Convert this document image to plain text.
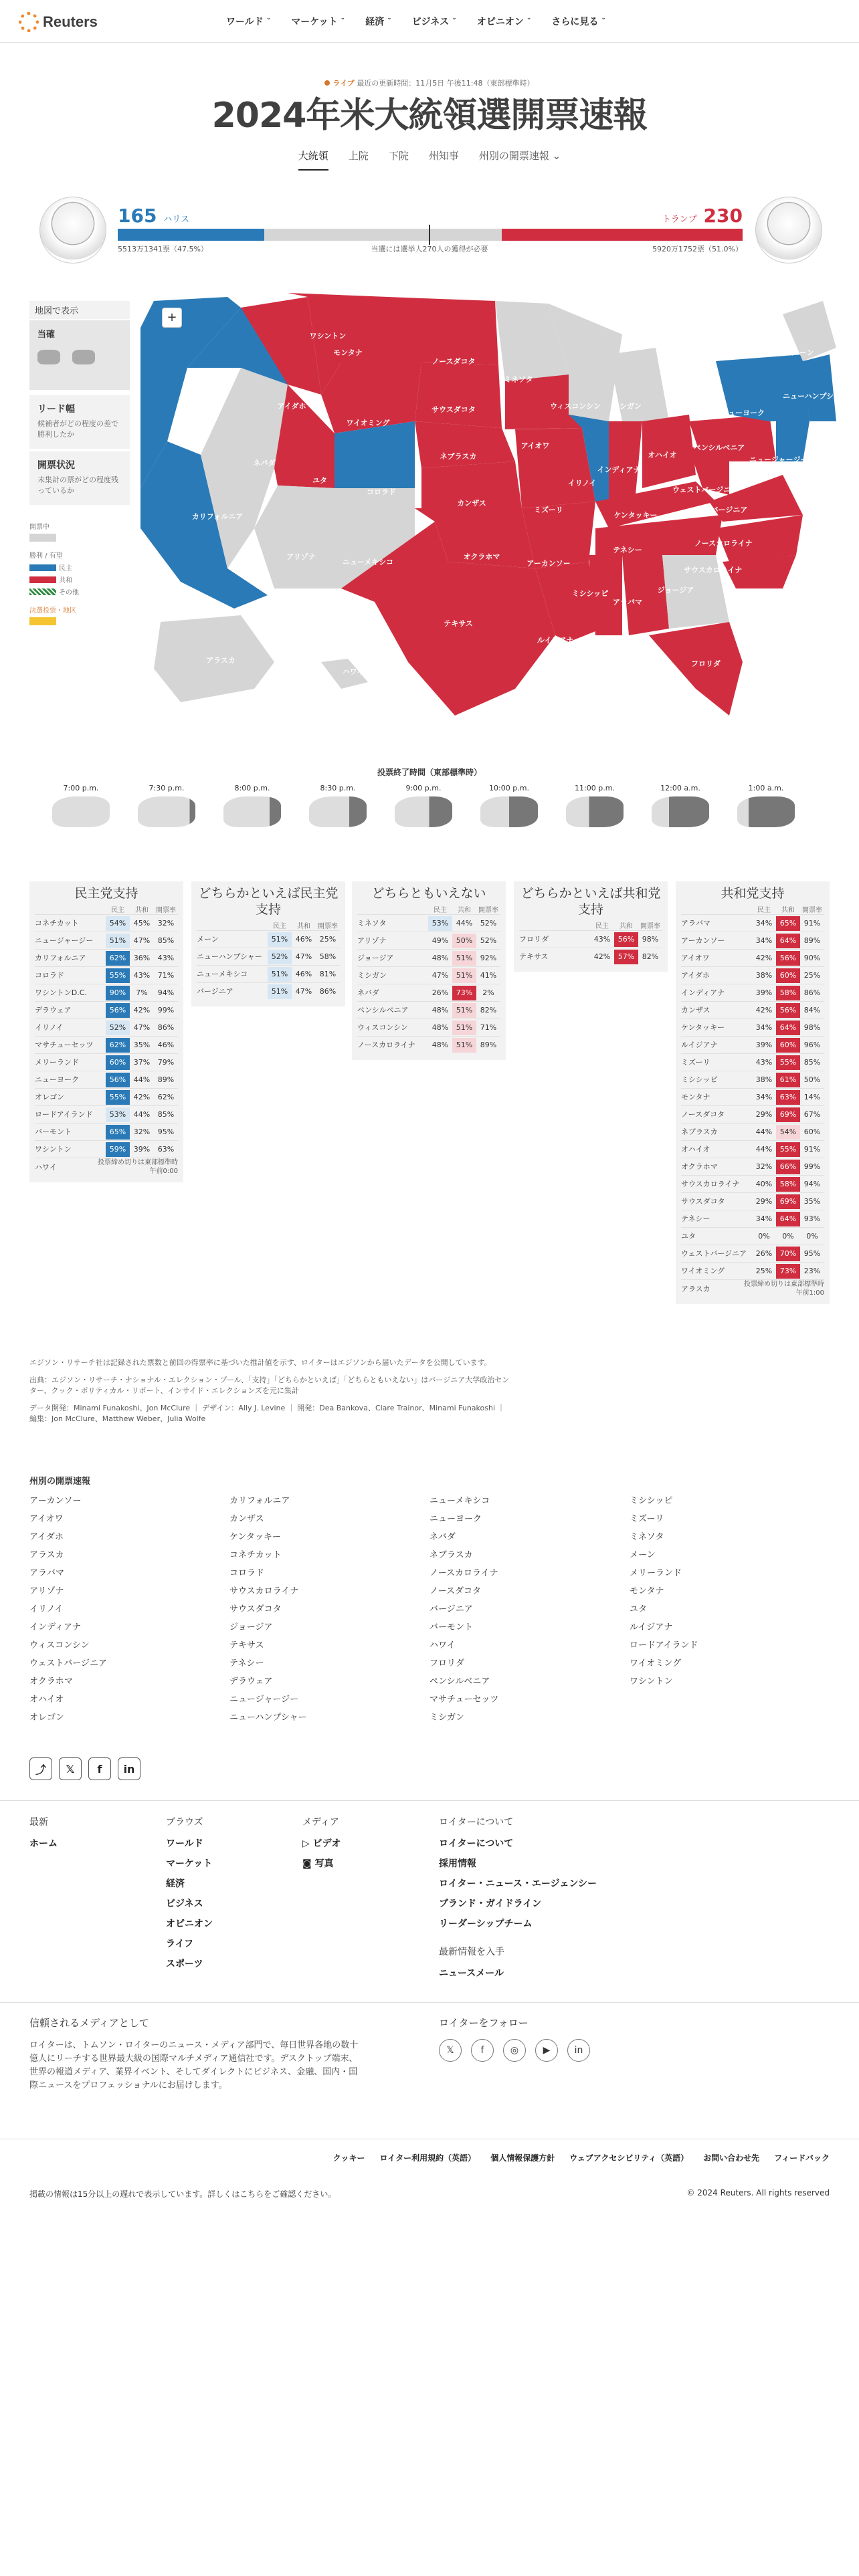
Reuters	ワールド ⌄ マーケット ⌄ 経済 ⌄ ビジネス ⌄ オピニオン ⌄ さらに見る ⌄
ライブ 最近の更新時間：11月5日 午後11:48（東部標準時）
2024年米大統領選開票速報
大統領 上院 下院 州知事 州別の開票速報 ⌄
165 ハリス	トランプ 230
5513万1341票（47.5%）	当選には選挙人270人の獲得が必要	5920万1752票（51.0%）
地図で表示
当確
リード幅
候補者がどの程度の差で勝利したか
開票状況
未集計の票がどの程度残っているか
開票中
勝利 / 有望
民主
共和
その他
決選投票・地区
+
ワシントン
オレゴン
カリフォルニア
ネバダ
アイダホ
モンタナ
ワイオミング
ユタ
コロラド
アリゾナ
ニューメキシコ
ノースダコタ
サウスダコタ
ネブラスカ
カンザス
オクラホマ
テキサス
ミネソタ
アイオワ
ミズーリ
アーカンソー
ルイジアナ
ウィスコンシン
イリノイ
ミシシッピ
ミシガン
インディアナ
ケンタッキー
テネシー
アラバマ
オハイオ
ジョージア
フロリダ
ウェストバージニア
バージニア
ノースカロライナ
サウスカロライナ
ペンシルベニア
ニューヨーク
メーン
ニューハンプシャー
ニュージャージー
アラスカ
ハワイ
投票終了時間（東部標準時）
7:00 p.m.	7:30 p.m.	8:00 p.m.	8:30 p.m.	9:00 p.m.	10:00 p.m.	11:00 p.m.	12:00 a.m.	1:00 a.m.
民主党支持
民主	共和	開票率
コネチカット	54%	45%	32%
ニュージャージー	51%	47%	85%
カリフォルニア	62%	36%	43%
コロラド	55%	43%	71%
ワシントンD.C.	90%	7%	94%
デラウェア	56%	42%	99%
イリノイ	52%	47%	86%
マサチューセッツ	62%	35%	46%
メリーランド	60%	37%	79%
ニューヨーク	56%	44%	89%
オレゴン	55%	42%	62%
ロードアイランド	53%	44%	85%
バーモント	65%	32%	95%
ワシントン	59%	39%	63%
ハワイ	投票締め切りは東部標準時午前0:00
どちらかといえば民主党支持
民主	共和	開票率
メーン	51%	46%	25%
ニューハンプシャー	52%	47%	58%
ニューメキシコ	51%	46%	81%
バージニア	51%	47%	86%
どちらともいえない
民主	共和	開票率
ミネソタ	53%	44%	52%
アリゾナ	49%	50%	52%
ジョージア	48%	51%	92%
ミシガン	47%	51%	41%
ネバダ	26%	73%	2%
ペンシルベニア	48%	51%	82%
ウィスコンシン	48%	51%	71%
ノースカロライナ	48%	51%	89%
どちらかといえば共和党支持
民主	共和	開票率
フロリダ	43%	56%	98%
テキサス	42%	57%	82%
共和党支持
民主	共和	開票率
アラバマ	34%	65%	91%
アーカンソー	34%	64%	89%
アイオワ	42%	56%	90%
アイダホ	38%	60%	25%
インディアナ	39%	58%	86%
カンザス	42%	56%	84%
ケンタッキー	34%	64%	98%
ルイジアナ	39%	60%	96%
ミズーリ	43%	55%	85%
ミシシッピ	38%	61%	50%
モンタナ	34%	63%	14%
ノースダコタ	29%	69%	67%
ネブラスカ	44%	54%	60%
オハイオ	44%	55%	91%
オクラホマ	32%	66%	99%
サウスカロライナ	40%	58%	94%
サウスダコタ	29%	69%	35%
テネシー	34%	64%	93%
ユタ	0%	0%	0%
ウェストバージニア	26%	70%	95%
ワイオミング	25%	73%	23%
アラスカ	投票締め切りは東部標準時午前1:00

エジソン・リサーチ社は記録された票数と前回の得票率に基づいた推計値を示す、ロイターはエジソンから届いたデータを公開しています。

出典：エジソン・リサーチ・ナショナル・エレクション・プール、「支持」「どちらかといえば」「どちらともいえない」はバージニア大学政治センター、クック・ポリティカル・リポート、インサイド・エレクションズを元に集計

データ開発：Minami Funakoshi、Jon McClure ｜ デザイン：Ally J. Levine ｜ 開発：Dea Bankova、Clare Trainor、Minami Funakoshi ｜ 編集：Jon McClure、Matthew Weber、Julia Wolfe

州別の開票速報
アーカンソー	カリフォルニア	ニューメキシコ	ミシシッピ
アイオワ	カンザス	ニューヨーク	ミズーリ
アイダホ	ケンタッキー	ネバダ	ミネソタ
アラスカ	コネチカット	ネブラスカ	メーン
アラバマ	コロラド	ノースカロライナ	メリーランド
アリゾナ	サウスカロライナ	ノースダコタ	モンタナ
イリノイ	サウスダコタ	バージニア	ユタ
インディアナ	ジョージア	バーモント	ルイジアナ
ウィスコンシン	テキサス	ハワイ	ロードアイランド
ウェストバージニア	テネシー	フロリダ	ワイオミング
オクラホマ	デラウェア	ペンシルベニア	ワシントン
オハイオ	ニュージャージー	マサチューセッツ
オレゴン	ニューハンプシャー	ミシガン
⤴	𝕏	f	in
最新
ホーム
ブラウズ
ワールド
マーケット
経済
ビジネス
オピニオン
ライフ
スポーツ
メディア
▷ ビデオ
◙ 写真
ロイターについて
ロイターについて
採用情報
ロイター・ニュース・エージェンシー
ブランド・ガイドライン
リーダーシップチーム
最新情報を入手
ニュースメール
信頼されるメディアとして

ロイターは、トムソン・ロイターのニュース・メディア部門で、毎日世界各地の数十億人にリーチする世界最大級の国際マルチメディア通信社です。デスクトップ端末、世界の報道メディア、業界イベント、そしてダイレクトにビジネス、金融、国内・国際ニュースをプロフェッショナルにお届けします。

ロイターをフォロー
𝕏	f	◎	▶	in
クッキー ロイター利用規約（英語） 個人情報保護方針 ウェブアクセシビリティ（英語） お問い合わせ先 フィードバック
掲載の情報は15分以上の遅れで表示しています。詳しくはこちらをご確認ください。	© 2024 Reuters. All rights reserved
